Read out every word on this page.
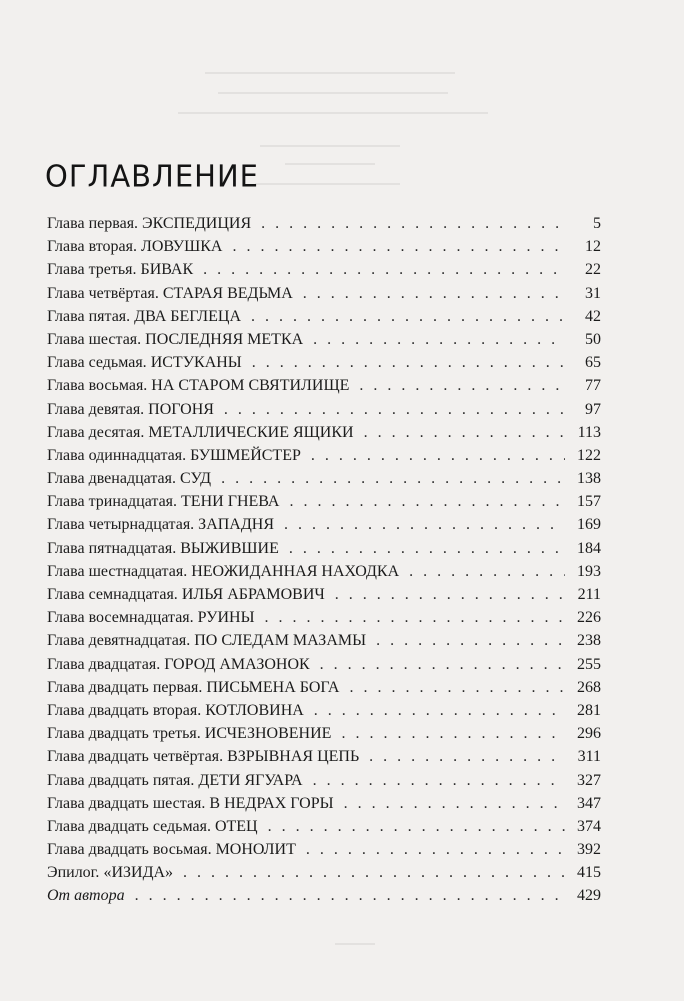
ОГЛАВЛЕНИЕ
Глава первая. ЭКСПЕДИЦИЯ . . .	5
Глава вторая. ЛОВУШКА . . .	12
Глава третья. БИВАК . . .	22
Глава четвёртая. СТАРАЯ ВЕДЬМА . . .	31
Глава пятая. ДВА БЕГЛЕЦА . . .	42
Глава шестая. ПОСЛЕДНЯЯ МЕТКА . . .	50
Глава седьмая. ИСТУКАНЫ . . .	65
Глава восьмая. НА СТАРОМ СВЯТИЛИЩЕ . . .	77
Глава девятая. ПОГОНЯ . . .	97
Глава десятая. МЕТАЛЛИЧЕСКИЕ ЯЩИКИ . . .	113
Глава одиннадцатая. БУШМЕЙСТЕР . . .	122
Глава двенадцатая. СУД . . .	138
Глава тринадцатая. ТЕНИ ГНЕВА . . .	157
Глава четырнадцатая. ЗАПАДНЯ . . .	169
Глава пятнадцатая. ВЫЖИВШИЕ . . .	184
Глава шестнадцатая. НЕОЖИДАННАЯ НАХОДКА . . .	193
Глава семнадцатая. ИЛЬЯ АБРАМОВИЧ . . .	211
Глава восемнадцатая. РУИНЫ . . .	226
Глава девятнадцатая. ПО СЛЕДАМ МАЗАМЫ . . .	238
Глава двадцатая. ГОРОД АМАЗОНОК . . .	255
Глава двадцать первая. ПИСЬМЕНА БОГА . . .	268
Глава двадцать вторая. КОТЛОВИНА . . .	281
Глава двадцать третья. ИСЧЕЗНОВЕНИЕ . . .	296
Глава двадцать четвёртая. ВЗРЫВНАЯ ЦЕПЬ . . .	311
Глава двадцать пятая. ДЕТИ ЯГУАРА . . .	327
Глава двадцать шестая. В НЕДРАХ ГОРЫ . . .	347
Глава двадцать седьмая. ОТЕЦ . . .	374
Глава двадцать восьмая. МОНОЛИТ . . .	392
Эпилог. «ИЗИДА» . . .	415
От автора . . .	429
